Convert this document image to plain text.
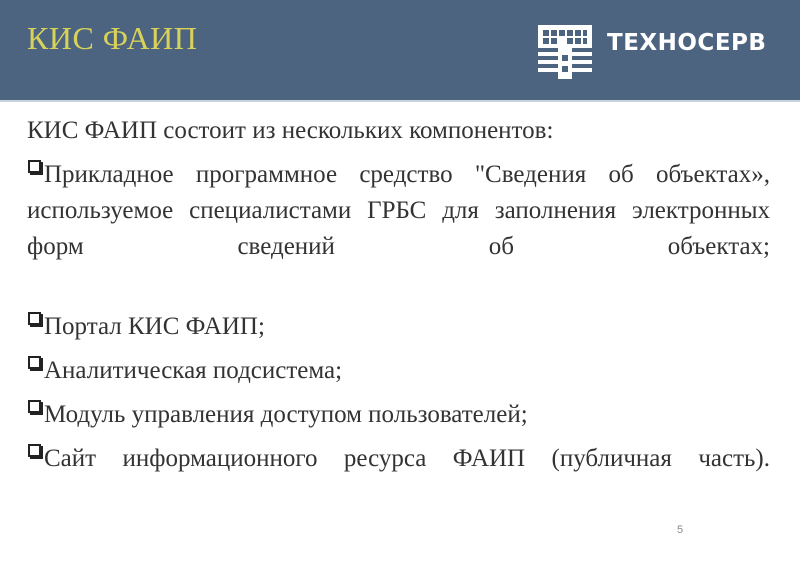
КИС ФАИП	ТЕХНОСЕРВ
КИС ФАИП состоит из нескольких компонентов:
Прикладное программное средство "Сведения об объектах», используемое специалистами ГРБС для заполнения электронных форм сведений об объектах;
Портал КИС ФАИП;
Аналитическая подсистема;
Модуль управления доступом пользователей;
Сайт информационного ресурса ФАИП (публичная часть).
5
